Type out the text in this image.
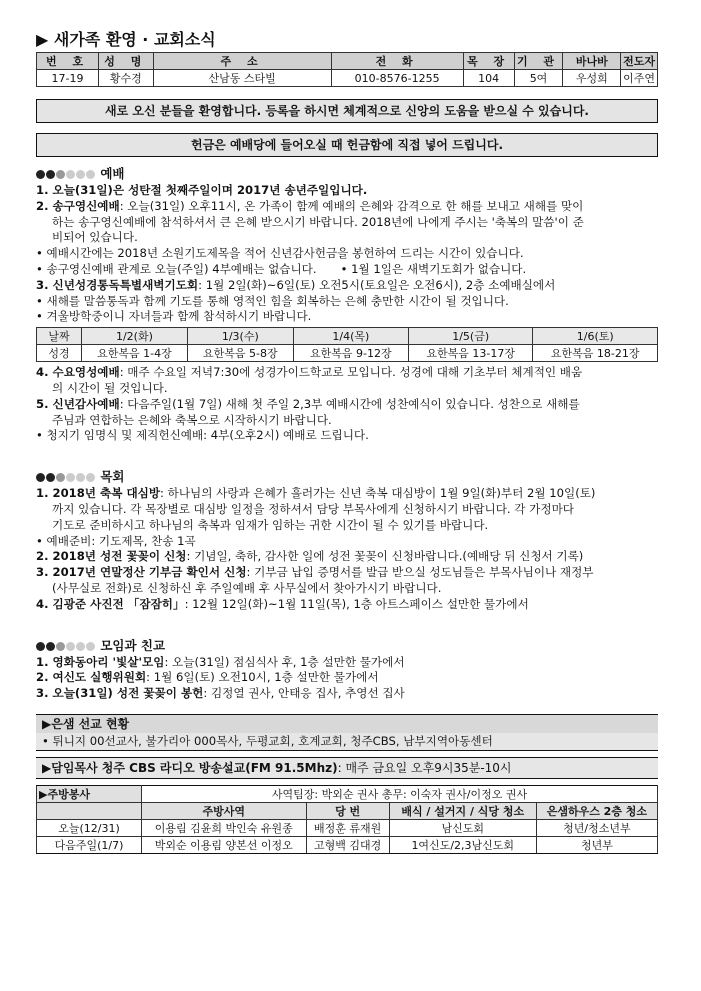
▶ 새가족 환영 · 교회소식
번 호	성 명	주 소	전 화	목 장	기 관	바나바	전도자
17-19	황수경	산남동 스타빌	010-8576-1255	104	5여	우성희	이주연
새로 오신 분들을 환영합니다. 등록을 하시면 체계적으로 신앙의 도움을 받으실 수 있습니다.
헌금은 예배당에 들어오실 때 헌금함에 직접 넣어 드립니다.
예배
1. 오늘(31일)은 성탄절 첫째주일이며 2017년 송년주일입니다.
2. 송구영신예배: 오늘(31일) 오후11시, 온 가족이 함께 예배의 은혜와 감격으로 한 해를 보내고 새해를 맞이
하는 송구영신예배에 참석하셔서 큰 은혜 받으시기 바랍니다. 2018년에 나에게 주시는 '축복의 말씀'이 준
비되어 있습니다.
• 예배시간에는 2018년 소원기도제목을 적어 신년감사헌금을 봉헌하여 드리는 시간이 있습니다.
• 송구영신예배 관계로 오늘(주일) 4부예배는 없습니다. • 1월 1일은 새벽기도회가 없습니다.
3. 신년성경통독특별새벽기도회: 1월 2일(화)~6일(토) 오전5시(토요일은 오전6시), 2층 소예배실에서
• 새해를 말씀통독과 함께 기도를 통해 영적인 힘을 회복하는 은혜 충만한 시간이 될 것입니다.
• 겨울방학중이니 자녀들과 함께 참석하시기 바랍니다.
날짜	1/2(화)	1/3(수)	1/4(목)	1/5(금)	1/6(토)
성경	요한복음 1-4장	요한복음 5-8장	요한복음 9-12장	요한복음 13-17장	요한복음 18-21장
4. 수요영성예배: 매주 수요일 저녁7:30에 성경가이드학교로 모입니다. 성경에 대해 기초부터 체계적인 배움
의 시간이 될 것입니다.
5. 신년감사예배: 다음주일(1월 7일) 새해 첫 주일 2,3부 예배시간에 성찬예식이 있습니다. 성찬으로 새해를
주님과 연합하는 은혜와 축복으로 시작하시기 바랍니다.
• 청지기 임명식 및 제직헌신예배: 4부(오후2시) 예배로 드립니다.
목회
1. 2018년 축복 대심방: 하나님의 사랑과 은혜가 흘러가는 신년 축복 대심방이 1월 9일(화)부터 2월 10일(토)
까지 있습니다. 각 목장별로 대심방 일정을 정하셔서 담당 부목사에게 신청하시기 바랍니다. 각 가정마다
기도로 준비하시고 하나님의 축복과 임재가 임하는 귀한 시간이 될 수 있기를 바랍니다.
• 예배준비: 기도제목, 찬송 1곡
2. 2018년 성전 꽃꽂이 신청: 기념일, 축하, 감사한 일에 성전 꽃꽂이 신청바랍니다.(예배당 뒤 신청서 기록)
3. 2017년 연말정산 기부금 확인서 신청: 기부금 납입 증명서를 발급 받으실 성도님들은 부목사님이나 재정부
(사무실로 전화)로 신청하신 후 주일예배 후 사무실에서 찾아가시기 바랍니다.
4. 김광준 사진전 「잠잠히」: 12월 12일(화)~1월 11일(목), 1층 아트스페이스 설만한 물가에서
모임과 친교
1. 영화동아리 '빛살'모임: 오늘(31일) 점심식사 후, 1층 설만한 물가에서
2. 여신도 실행위원회: 1월 6일(토) 오전10시, 1층 설만한 물가에서
3. 오늘(31일) 성전 꽃꽂이 봉헌: 김정열 권사, 안태응 집사, 추영선 집사
▶은샘 선교 현황
• 튀니지 00선교사, 불가리아 000목사, 두평교회, 호계교회, 청주CBS, 남부지역아동센터
▶담임목사 청주 CBS 라디오 방송설교(FM 91.5Mhz): 매주 금요일 오후9시35분-10시
▶주방봉사	사역팀장: 박외순 권사 총무: 이숙자 권사/이정오 권사			
	주방사역	당 번	배식 / 설거지 / 식당 청소	은샘하우스 2층 청소
오늘(12/31)	이용림 김윤희 박인숙 유원종	배정훈 류재원	남신도회	청년/청소년부
다음주일(1/7)	박외순 이용림 양본선 이정오	고형백 김대경	1여신도/2,3남신도회	청년부
